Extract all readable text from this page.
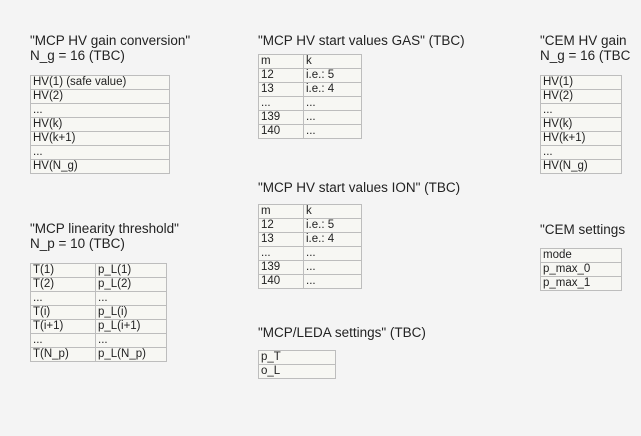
"MCP HV gain conversion"
N_g = 16 (TBC)
HV(1) (safe value)
HV(2)
...
HV(k)
HV(k+1)
...
HV(N_g)
"MCP linearity threshold"
N_p = 10 (TBC)
T(1)	p_L(1)
T(2)	p_L(2)
...	...
T(i)	p_L(i)
T(i+1)	p_L(i+1)
...	...
T(N_p)	p_L(N_p)
"MCP HV start values GAS" (TBC)
m	k
12	i.e.: 5
13	i.e.: 4
...	...
139	...
140	...
"MCP HV start values ION" (TBC)
m	k
12	i.e.: 5
13	i.e.: 4
...	...
139	...
140	...
"MCP/LEDA settings" (TBC)
p_T
o_L
"CEM HV gain
N_g = 16 (TBC
HV(1)
HV(2)
...
HV(k)
HV(k+1)
...
HV(N_g)
"CEM settings
mode
p_max_0
p_max_1
